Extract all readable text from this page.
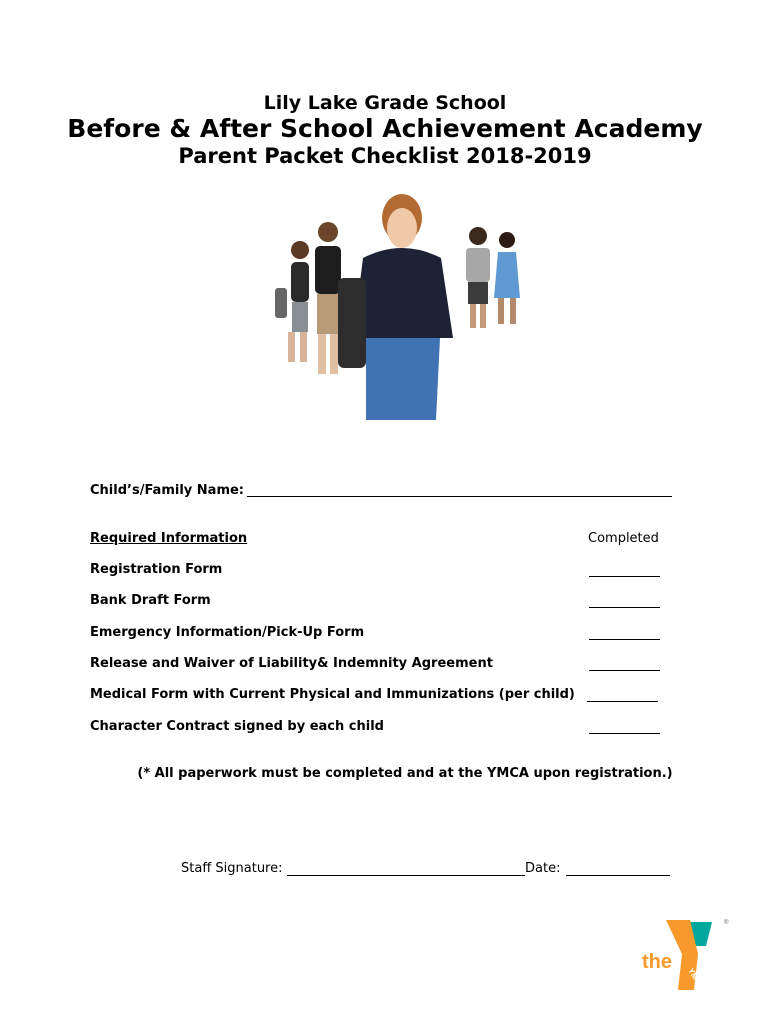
Lily Lake Grade School
Before & After School Achievement Academy
Parent Packet Checklist 2018-2019
Child’s/Family Name:
Required Information	Completed
Registration Form
Bank Draft Form
Emergency Information/Pick-Up Form
Release and Waiver of Liability& Indemnity Agreement
Medical Form with Current Physical and Immunizations (per child)
Character Contract signed by each child
(* All paperwork must be completed and at the YMCA upon registration.)
Staff Signature:	Date:
the
YMCA
®
